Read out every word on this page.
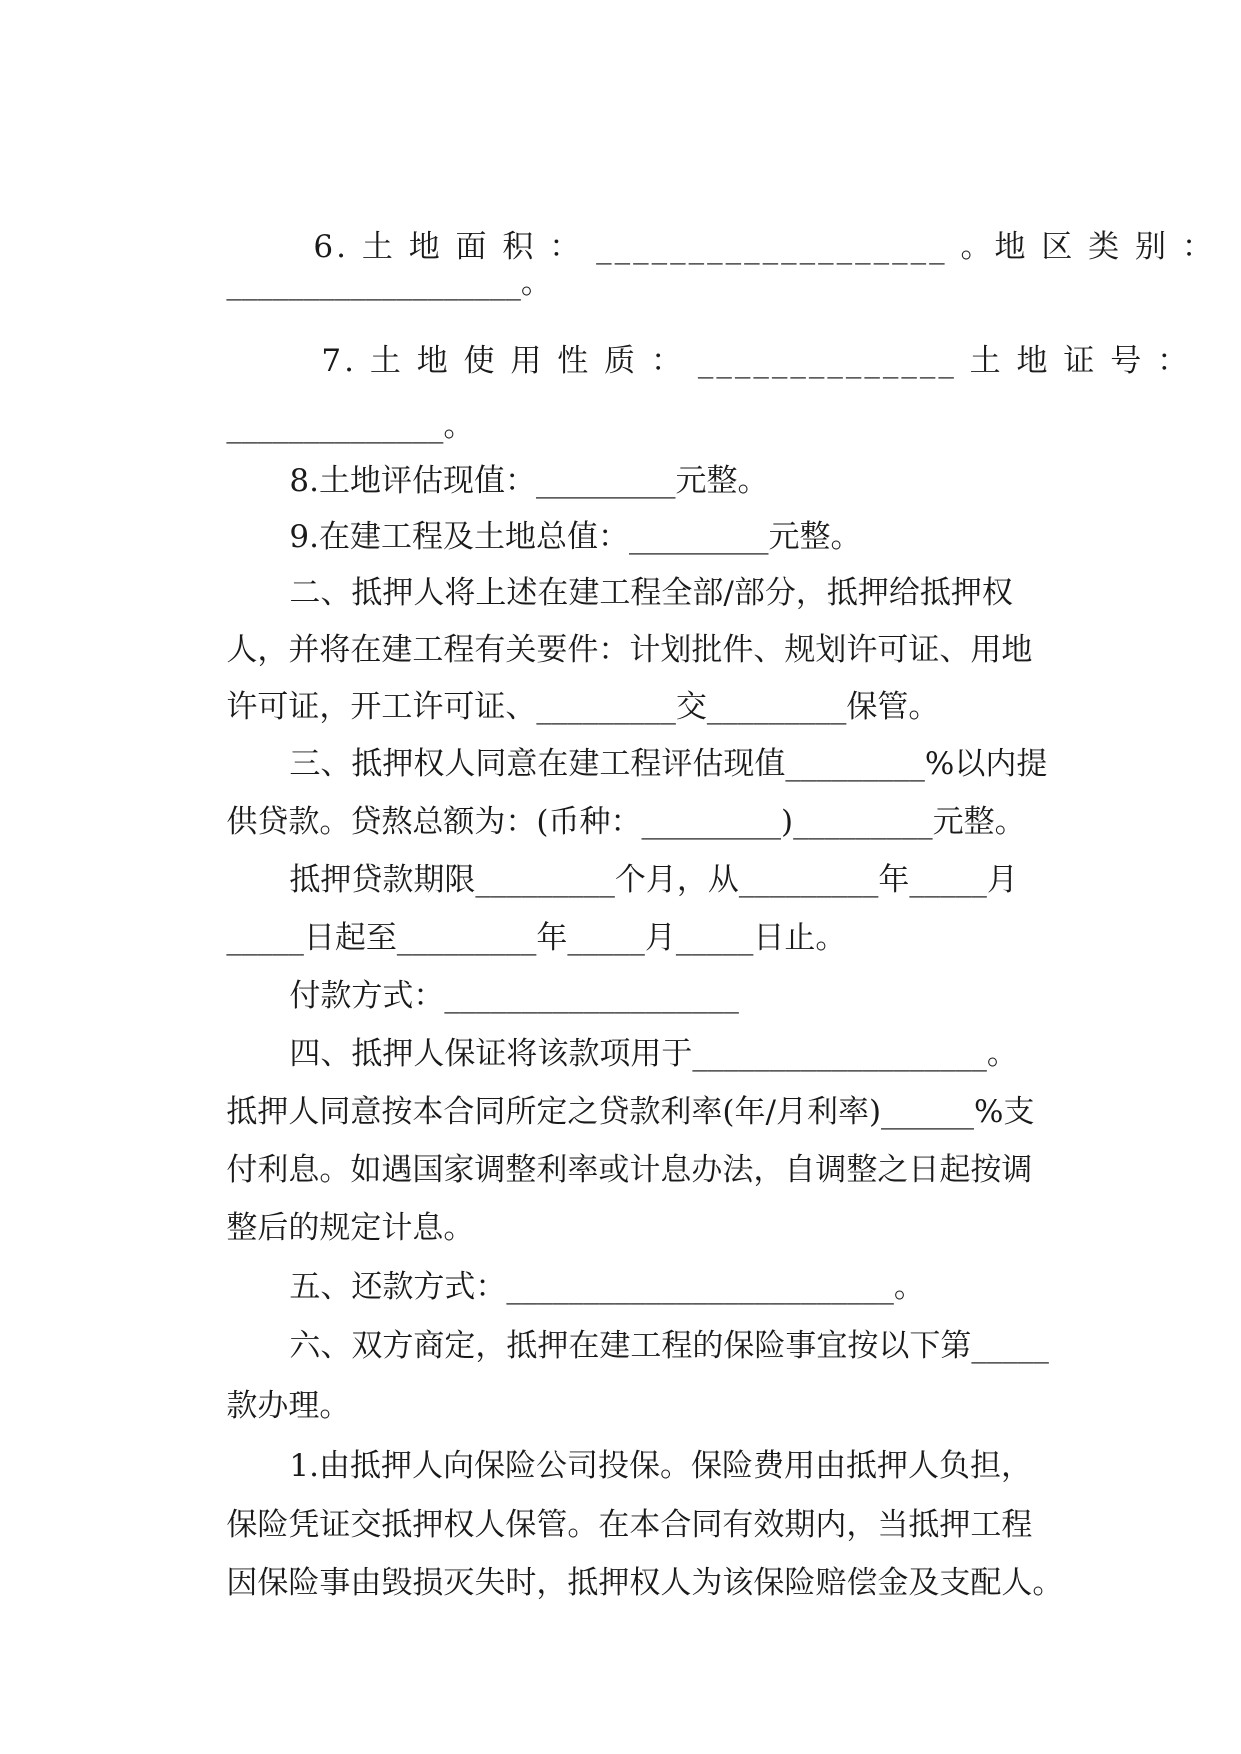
6. 土 地 面 积 ： ___________________ 。地 区 类 别 ：

___________________。

7. 土 地 使 用 性 质 ： ______________ 土 地 证 号 ：

______________。

8.土地评估现值：_________元整。

9.在建工程及土地总值：_________元整。

二、抵押人将上述在建工程全部/部分，抵押给抵押权

人，并将在建工程有关要件：计划批件、规划许可证、用地

许可证，开工许可证、_________交_________保管。

三、抵押权人同意在建工程评估现值_________%以内提

供贷款。贷熬总额为：(币种：_________)_________元整。

抵押贷款期限_________个月，从_________年_____月

_____日起至_________年_____月_____日止。

付款方式：___________________

四、抵押人保证将该款项用于___________________。

抵押人同意按本合同所定之贷款利率(年/月利率)______%支

付利息。如遇国家调整利率或计息办法，自调整之日起按调

整后的规定计息。

五、还款方式：_________________________。

六、双方商定，抵押在建工程的保险事宜按以下第_____

款办理。

1.由抵押人向保险公司投保。保险费用由抵押人负担，

保险凭证交抵押权人保管。在本合同有效期内，当抵押工程

因保险事由毁损灭失时，抵押权人为该保险赔偿金及支配人。
